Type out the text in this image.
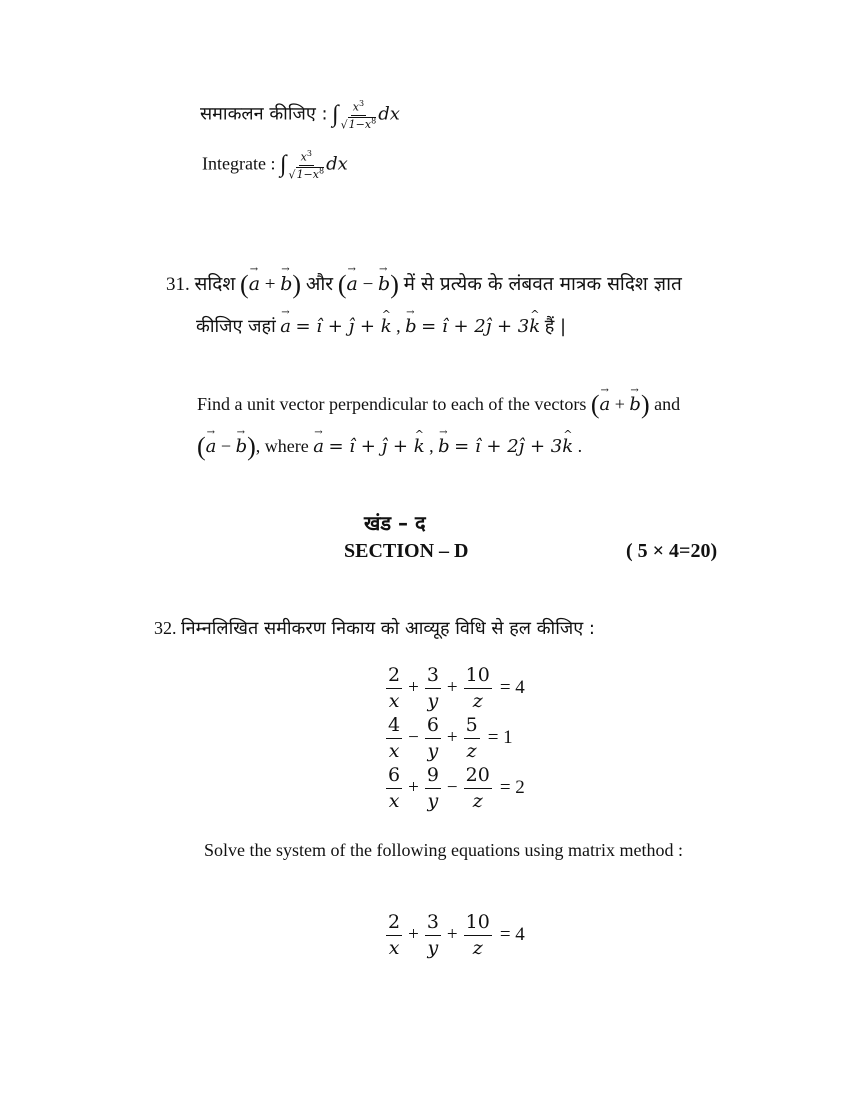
समाकलन कीजिए : ∫ $\frac{x^3}{√1-x^8}$ dx
Integrate : ∫ $\frac{x^3}{√1-x^8}$ dx
31. सदिश (→ a + → b) और (→ a − → b) में से प्रत्येक के लंबवत मात्रक सदिश ज्ञात
कीजिए जहां → a = ı̂ + ĵ + ^ k , → b = ı̂ + 2ĵ + 3^ k हैं |
Find a unit vector perpendicular to each of the vectors (→ a + → b) and
(→ a − → b), where → a = ı̂ + ĵ + ^ k , → b = ı̂ + 2ĵ + 3^ k .
खंड – द
SECTION – D	( 5 × 4=20)
32. निम्नलिखित समीकरण निकाय को आव्यूह विधि से हल कीजिए :
$\frac{2}{x} + \frac{3}{y} + \frac{10}{z} = 4$
$\frac{4}{x} - \frac{6}{y} + \frac{5}{z} = 1$
$\frac{6}{x} + \frac{9}{y} - \frac{20}{z} = 2$
Solve the system of the following equations using matrix method :
$\frac{2}{x} + \frac{3}{y} + \frac{10}{z} = 4$
